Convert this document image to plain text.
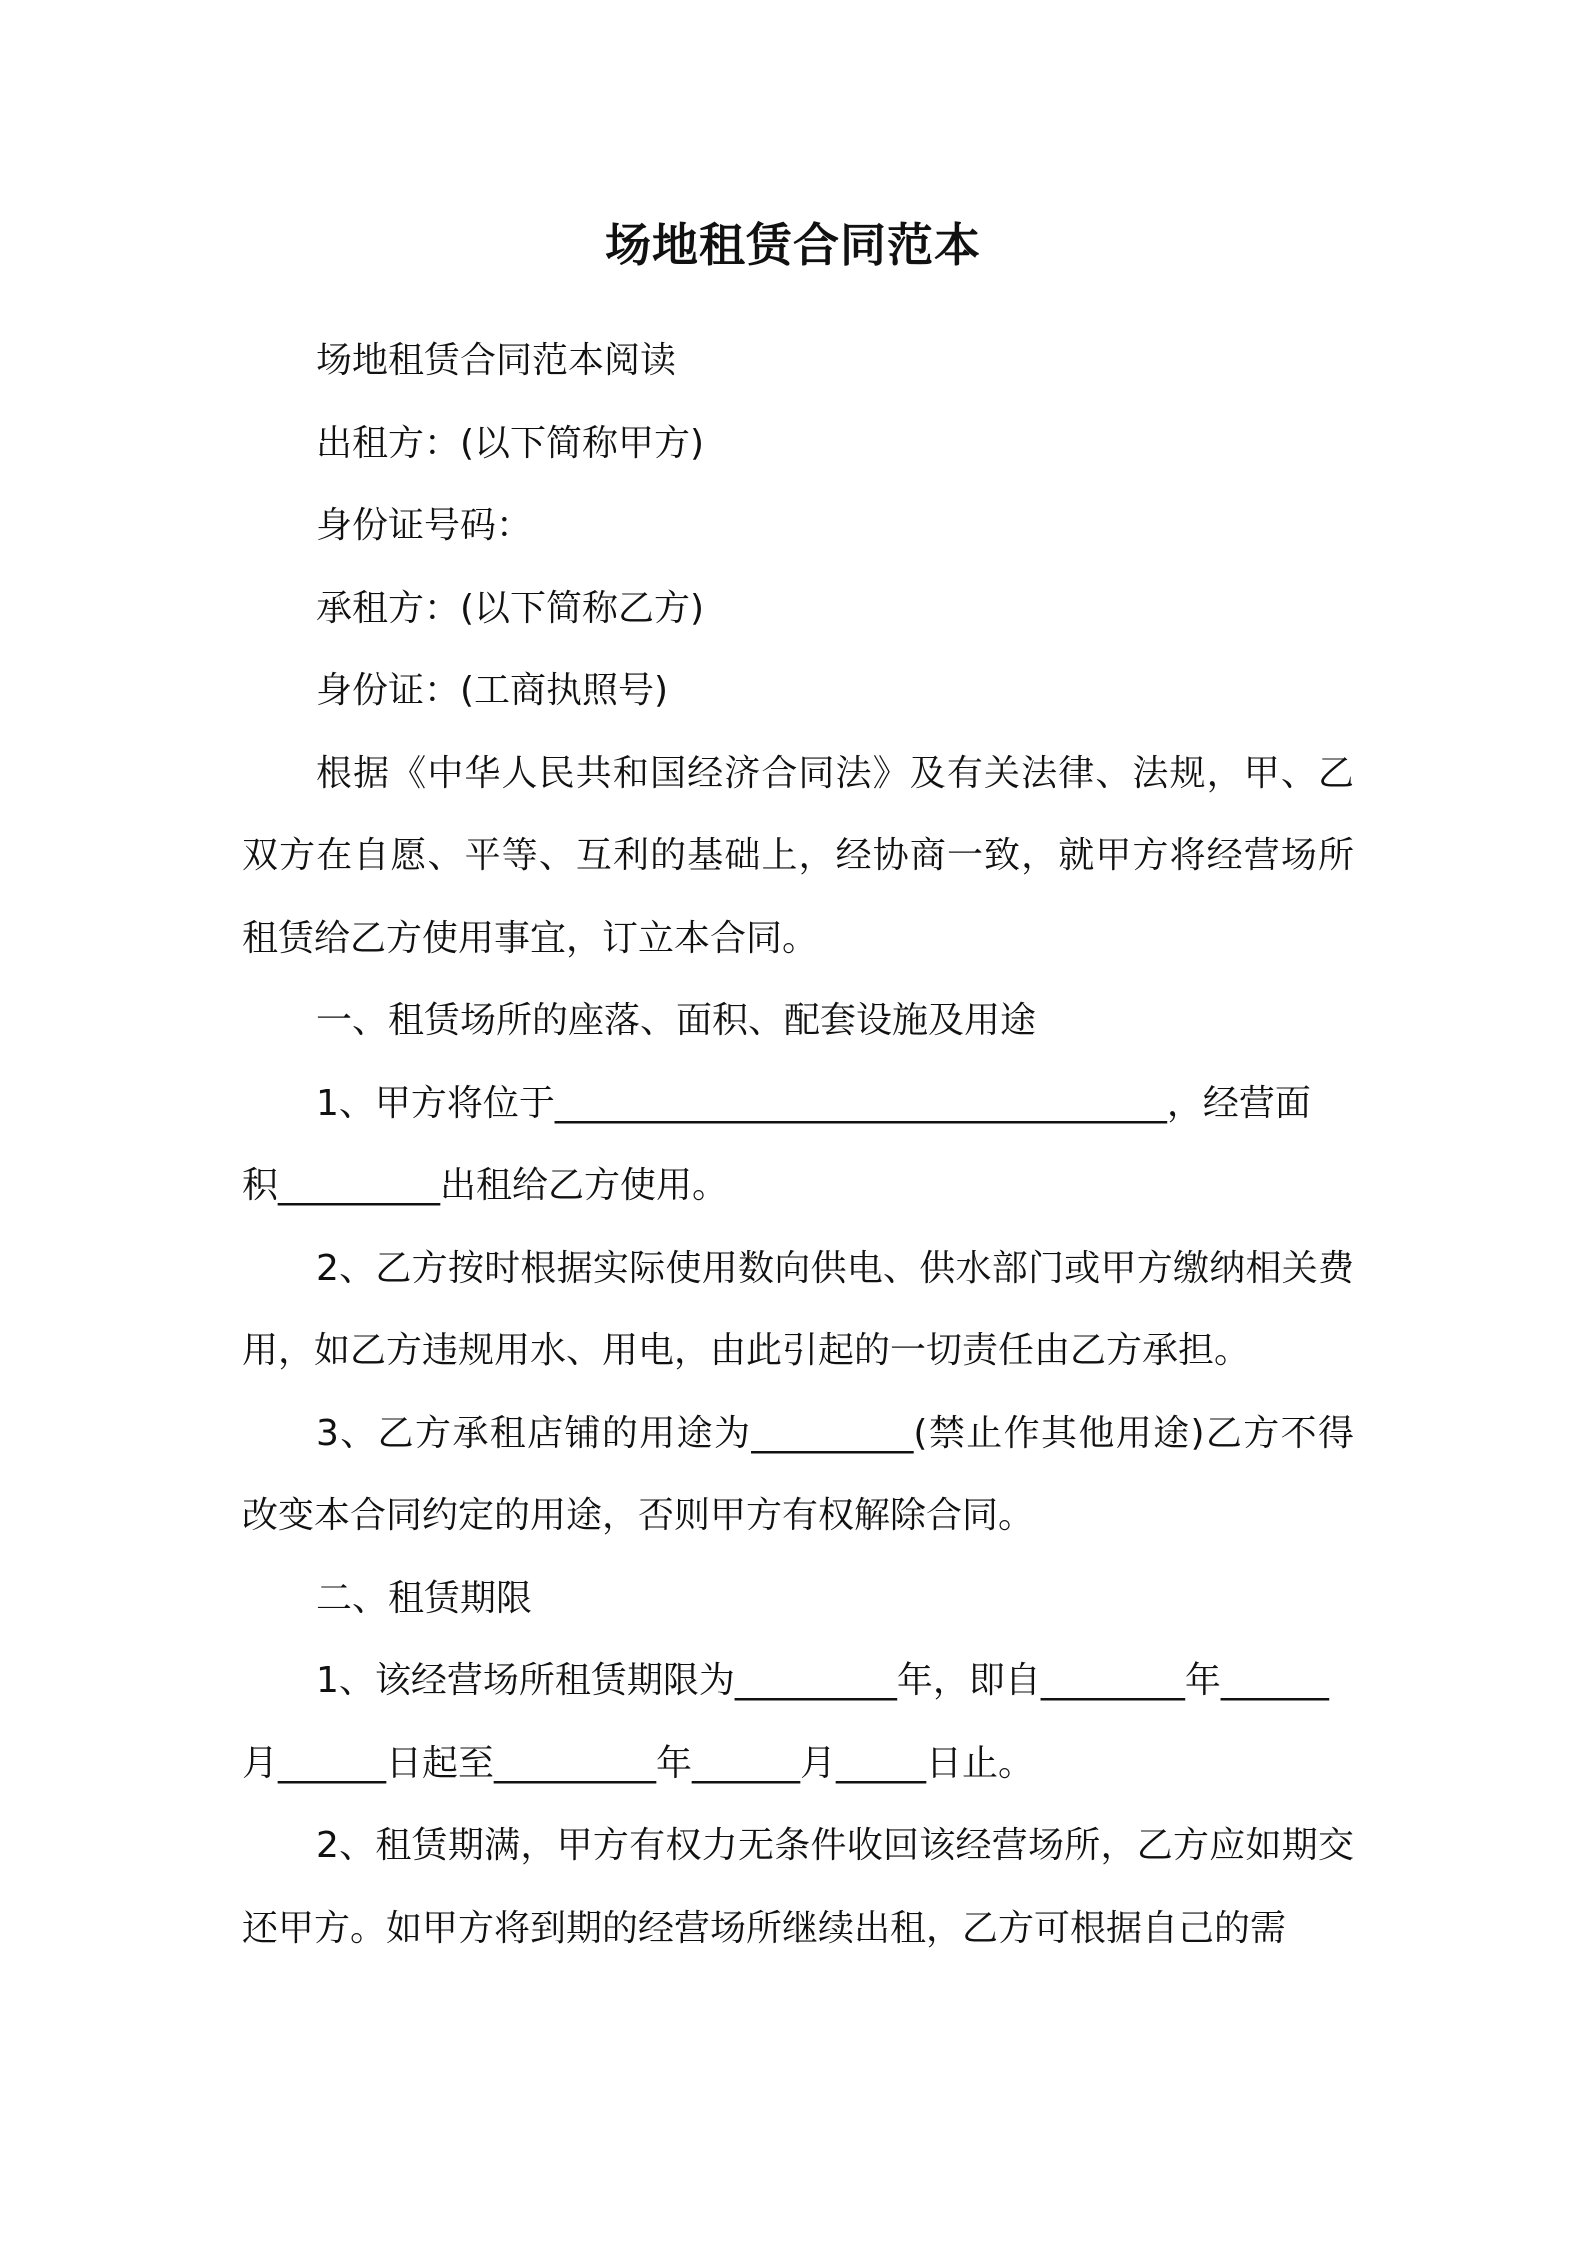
场地租赁合同范本

场地租赁合同范本阅读

出租方：(以下简称甲方)

身份证号码：

承租方：(以下简称乙方)

身份证：(工商执照号)

根据《中华人民共和国经济合同法》及有关法律、法规，甲、乙双方在自愿、平等、互利的基础上，经协商一致，就甲方将经营场所租赁给乙方使用事宜，订立本合同。

一、租赁场所的座落、面积、配套设施及用途

1、甲方将位于__________________________________，经营面

积_________出租给乙方使用。

2、乙方按时根据实际使用数向供电、供水部门或甲方缴纳相关费用，如乙方违规用水、用电，由此引起的一切责任由乙方承担。

3、乙方承租店铺的用途为_________(禁止作其他用途)乙方不得改变本合同约定的用途，否则甲方有权解除合同。

二、租赁期限

1、该经营场所租赁期限为_________年，即自________年______

月______日起至_________年______月_____日止。

2、租赁期满，甲方有权力无条件收回该经营场所，乙方应如期交还甲方。如甲方将到期的经营场所继续出租，乙方可根据自己的需
